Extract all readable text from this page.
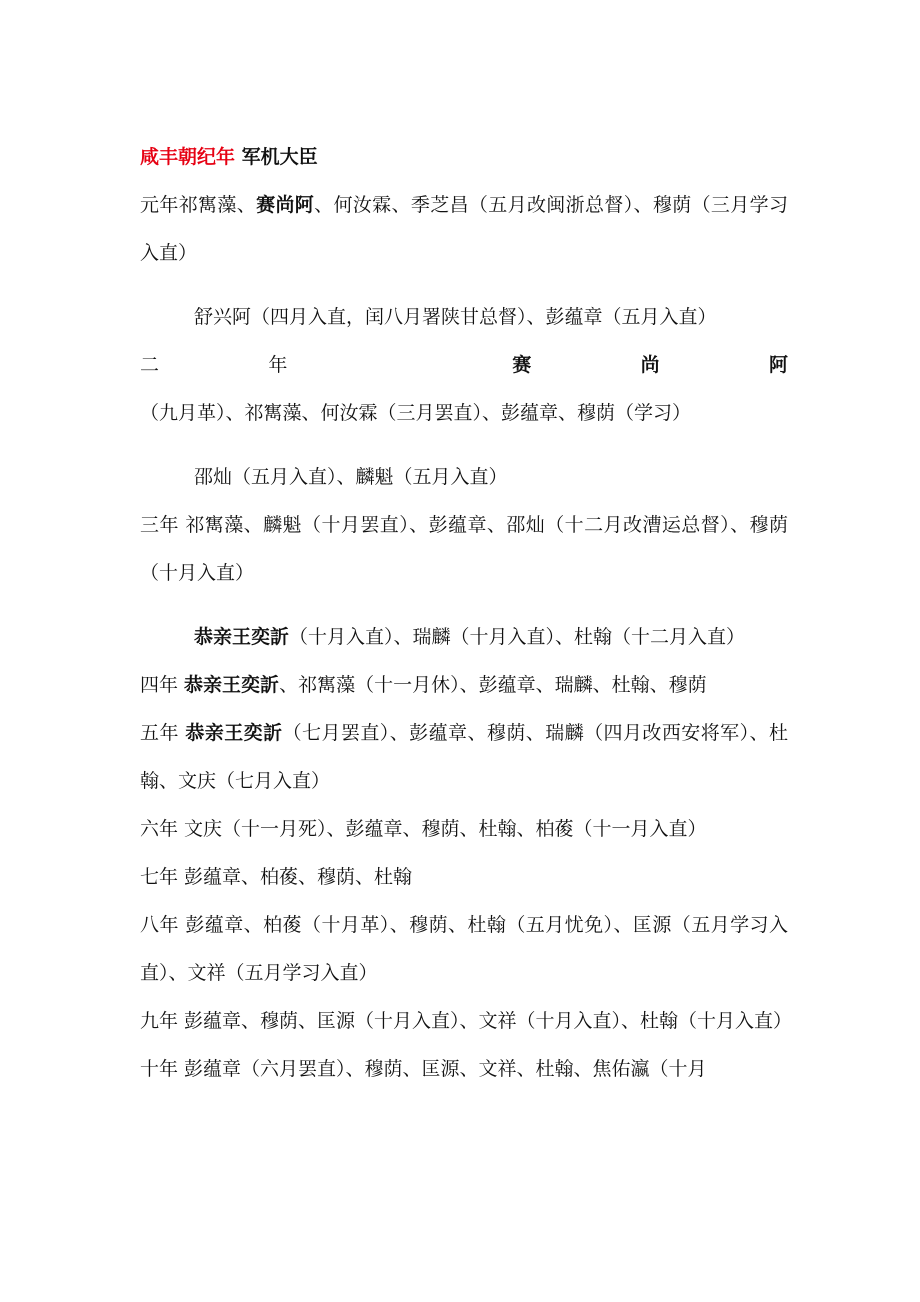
咸丰朝纪年 军机大臣

元年祁寯藻、赛尚阿、何汝霖、季芝昌（五月改闽浙总督）、穆荫（三月学习入直）

舒兴阿（四月入直，闰八月署陕甘总督）、彭蕴章（五月入直）

二年 赛尚阿（九月革）、祁寯藻、何汝霖（三月罢直）、彭蕴章、穆荫（学习）

邵灿（五月入直）、麟魁（五月入直）

三年 祁寯藻、麟魁（十月罢直）、彭蕴章、邵灿（十二月改漕运总督）、穆荫（十月入直）

恭亲王奕訢（十月入直）、瑞麟（十月入直）、杜翰（十二月入直）

四年 恭亲王奕訢、祁寯藻（十一月休）、彭蕴章、瑞麟、杜翰、穆荫

五年 恭亲王奕訢（七月罢直）、彭蕴章、穆荫、瑞麟（四月改西安将军）、杜翰、文庆（七月入直）

六年 文庆（十一月死）、彭蕴章、穆荫、杜翰、柏葰（十一月入直）

七年 彭蕴章、柏葰、穆荫、杜翰

八年 彭蕴章、柏葰（十月革）、穆荫、杜翰（五月忧免）、匡源（五月学习入直）、文祥（五月学习入直）

九年 彭蕴章、穆荫、匡源（十月入直）、文祥（十月入直）、杜翰（十月入直）

十年 彭蕴章（六月罢直）、穆荫、匡源、文祥、杜翰、焦佑瀛（十月
